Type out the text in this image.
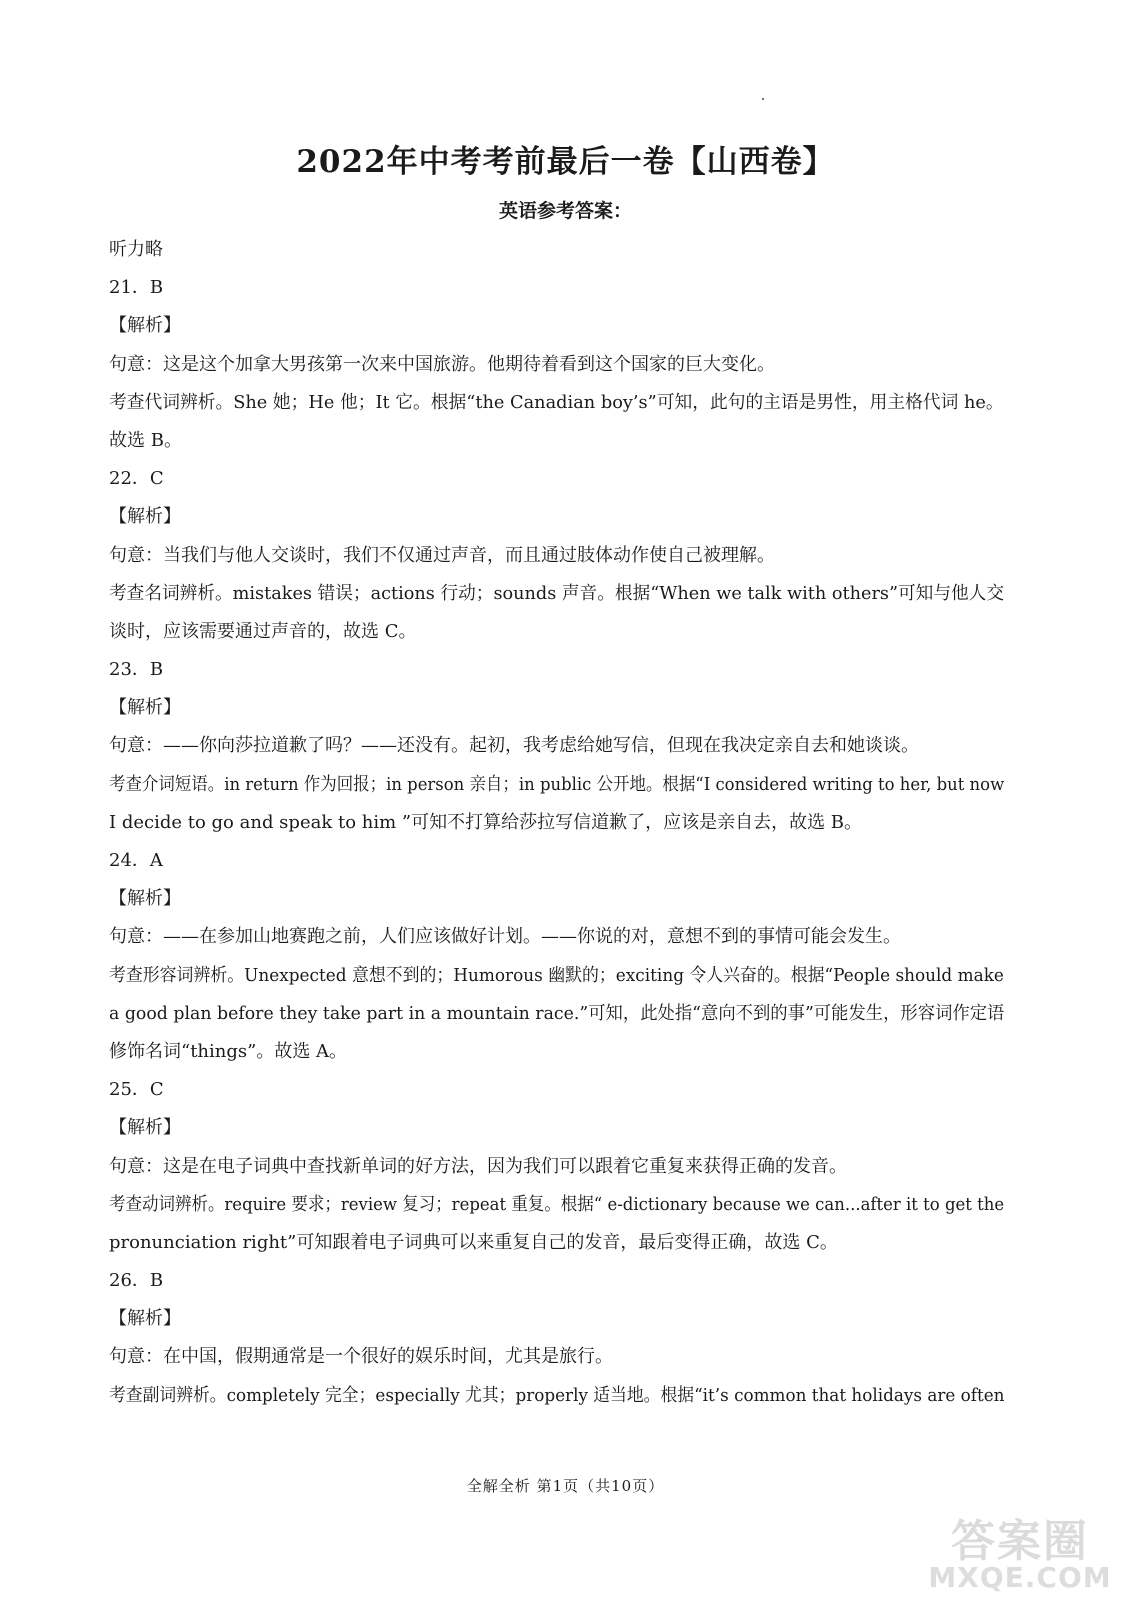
2022年中考考前最后一卷【山西卷】
英语参考答案：
听力略
21．B
【解析】
句意：这是这个加拿大男孩第一次来中国旅游。他期待着看到这个国家的巨大变化。
考查代词辨析。She 她；He 他；It 它。根据“the Canadian boy’s”可知，此句的主语是男性，用主格代词 he。
故选 B。
22．C
【解析】
句意：当我们与他人交谈时，我们不仅通过声音，而且通过肢体动作使自己被理解。
考查名词辨析。mistakes 错误；actions 行动；sounds 声音。根据“When we talk with others”可知与他人交
谈时，应该需要通过声音的，故选 C。
23．B
【解析】
句意：——你向莎拉道歉了吗？——还没有。起初，我考虑给她写信，但现在我决定亲自去和她谈谈。
考查介词短语。in return 作为回报；in person 亲自；in public 公开地。根据“I considered writing to her, but now
I decide to go and speak to him ”可知不打算给莎拉写信道歉了，应该是亲自去，故选 B。
24．A
【解析】
句意：——在参加山地赛跑之前，人们应该做好计划。——你说的对，意想不到的事情可能会发生。
考查形容词辨析。Unexpected 意想不到的；Humorous 幽默的；exciting 令人兴奋的。根据“People should make
a good plan before they take part in a mountain race.”可知，此处指“意向不到的事”可能发生，形容词作定语
修饰名词“things”。故选 A。
25．C
【解析】
句意：这是在电子词典中查找新单词的好方法，因为我们可以跟着它重复来获得正确的发音。
考查动词辨析。require 要求；review 复习；repeat 重复。根据“ e-dictionary because we can...after it to get the
pronunciation right”可知跟着电子词典可以来重复自己的发音，最后变得正确，故选 C。
26．B
【解析】
句意：在中国，假期通常是一个很好的娱乐时间，尤其是旅行。
考查副词辨析。completely 完全；especially 尤其；properly 适当地。根据“it’s common that holidays are often
全解全析 第1页（共10页）
答案圈
MXQE.COM
